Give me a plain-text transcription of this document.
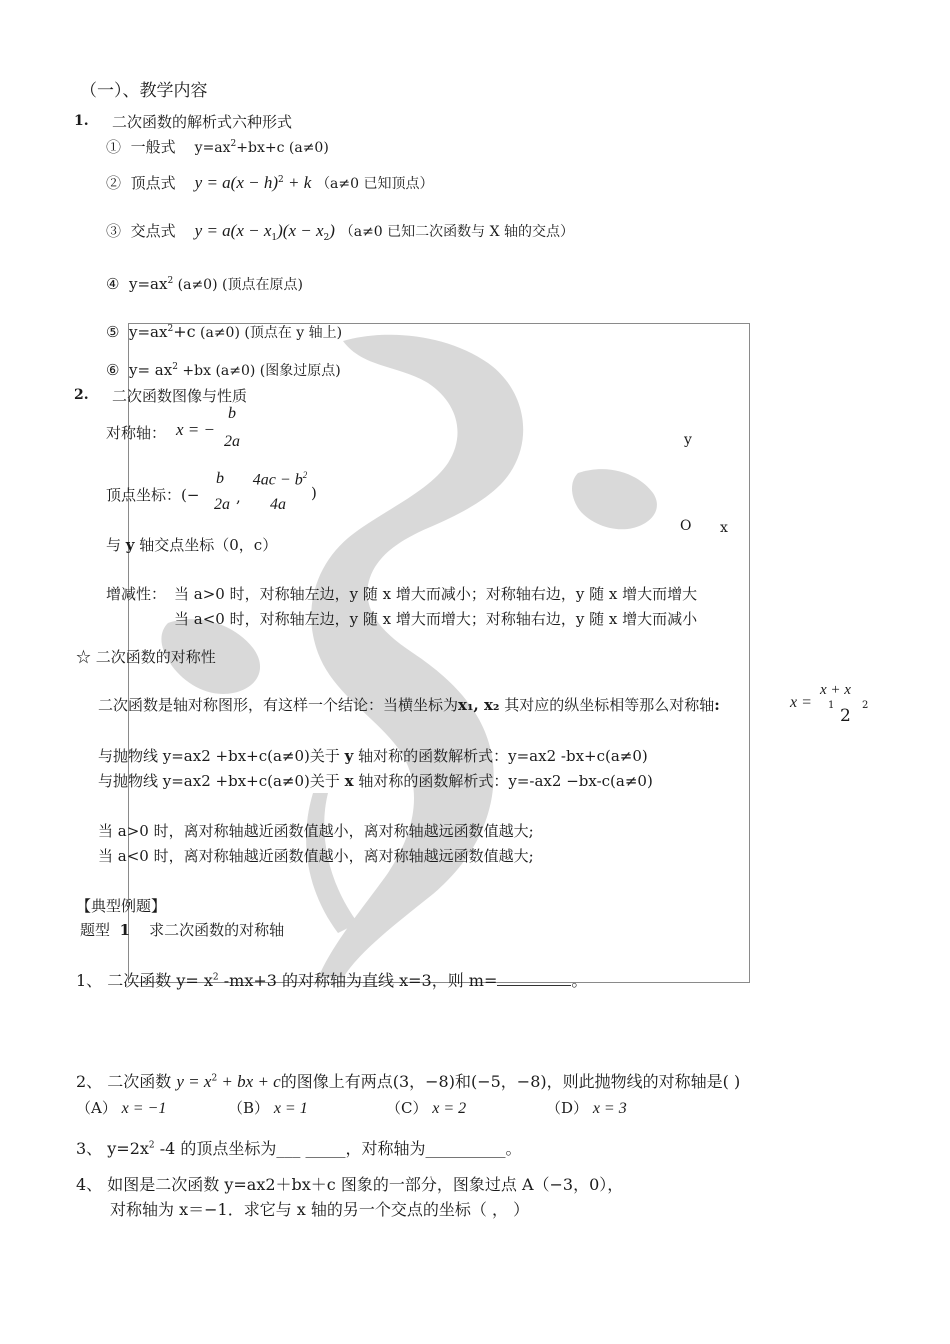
（一）、教学内容
1. 二次函数的解析式六种形式
① 一般式 $y=ax^2+bx+c$ (a≠0)
② 顶点式 $y = a(x - h)^2 + k$ （a≠0 已知顶点）
③ 交点式 $y = a(x - x_1)(x - x_2)$ （a≠0 已知二次函数与 X 轴的交点）
④ $y=ax^2$ (a≠0) (顶点在原点)
⑤ $y=ax^2+c$ (a≠0) (顶点在 y 轴上)
⑥ $y= ax^2 +bx$ (a≠0) (图象过原点)
2. 二次函数图像与性质
对称轴： x = −
b
2a
顶点坐标：(−
b
2a ,
$4ac - b^2$
4a
)
与 y 轴交点坐标（0，c）
y
O x
增减性： 当 a>0 时，对称轴左边，y 随 x 增大而减小；对称轴右边，y 随 x 增大而增大
当 a<0 时，对称轴左边，y 随 x 增大而增大；对称轴右边，y 随 x 增大而减小
☆ 二次函数的对称性
二次函数是轴对称图形，有这样一个结论：当横坐标为x₁, x₂ 其对应的纵坐标相等那么对称轴:	x =
x + x
1	2
2
与抛物线 y=ax2 +bx+c(a≠0)关于 y 轴对称的函数解析式：y=ax2 -bx+c(a≠0)
与抛物线 y=ax2 +bx+c(a≠0)关于 x 轴对称的函数解析式：y=-ax2 −bx-c(a≠0)
当 a>0 时，离对称轴越近函数值越小，离对称轴越远函数值越大;
当 a<0 时，离对称轴越近函数值越小，离对称轴越远函数值越大;
【典型例题】
题型 1 求二次函数的对称轴
1、 二次函数 $y= x^2$ -mx+3 的对称轴为直线 x=3，则 m=	。
2、 二次函数 $y = x^2$ + bx + c的图像上有两点(3，−8)和(−5，−8)，则此抛物线的对称轴是( )
（A） x = −1	（B） x = 1	（C） x = 2	（D） x = 3
3、 $y=2x^2$ -4 的顶点坐标为___ _____，对称轴为__________。
4、 如图是二次函数 y=ax2＋bx＋c 图象的一部分，图象过点 A（−3，0），
对称轴为 x＝−1．求它与 x 轴的另一个交点的坐标（ ， ）
